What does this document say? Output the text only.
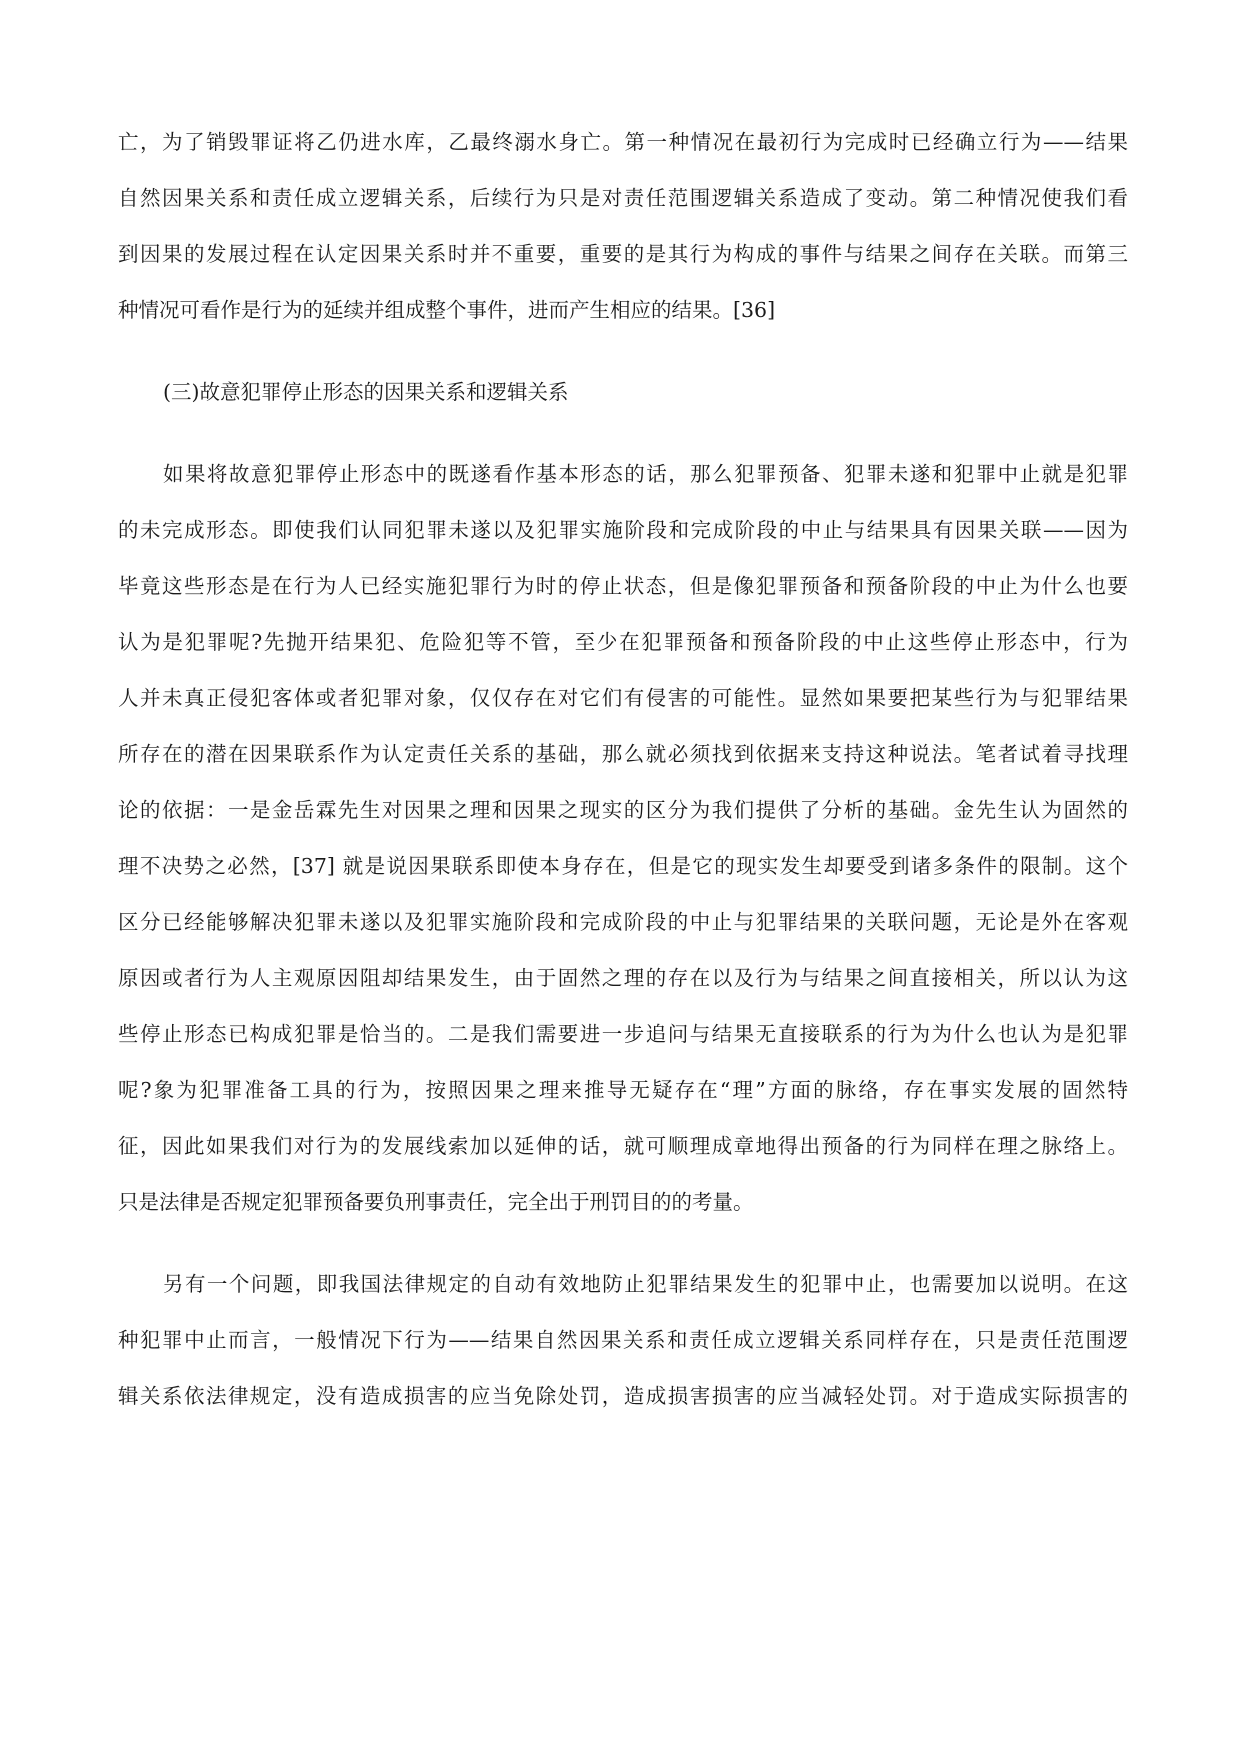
亡，为了销毁罪证将乙仍进水库，乙最终溺水身亡。第一种情况在最初行为完成时已经确立行为——结果
自然因果关系和责任成立逻辑关系，后续行为只是对责任范围逻辑关系造成了变动。第二种情况使我们看
到因果的发展过程在认定因果关系时并不重要，重要的是其行为构成的事件与结果之间存在关联。而第三
种情况可看作是行为的延续并组成整个事件，进而产生相应的结果。[36]
(三)故意犯罪停止形态的因果关系和逻辑关系
如果将故意犯罪停止形态中的既遂看作基本形态的话，那么犯罪预备、犯罪未遂和犯罪中止就是犯罪
的未完成形态。即使我们认同犯罪未遂以及犯罪实施阶段和完成阶段的中止与结果具有因果关联——因为
毕竟这些形态是在行为人已经实施犯罪行为时的停止状态，但是像犯罪预备和预备阶段的中止为什么也要
认为是犯罪呢?先抛开结果犯、危险犯等不管，至少在犯罪预备和预备阶段的中止这些停止形态中，行为
人并未真正侵犯客体或者犯罪对象，仅仅存在对它们有侵害的可能性。显然如果要把某些行为与犯罪结果
所存在的潜在因果联系作为认定责任关系的基础，那么就必须找到依据来支持这种说法。笔者试着寻找理
论的依据：一是金岳霖先生对因果之理和因果之现实的区分为我们提供了分析的基础。金先生认为固然的
理不决势之必然，[37] 就是说因果联系即使本身存在，但是它的现实发生却要受到诸多条件的限制。这个
区分已经能够解决犯罪未遂以及犯罪实施阶段和完成阶段的中止与犯罪结果的关联问题，无论是外在客观
原因或者行为人主观原因阻却结果发生，由于固然之理的存在以及行为与结果之间直接相关，所以认为这
些停止形态已构成犯罪是恰当的。二是我们需要进一步追问与结果无直接联系的行为为什么也认为是犯罪
呢?象为犯罪准备工具的行为，按照因果之理来推导无疑存在“理”方面的脉络，存在事实发展的固然特
征，因此如果我们对行为的发展线索加以延伸的话，就可顺理成章地得出预备的行为同样在理之脉络上。
只是法律是否规定犯罪预备要负刑事责任，完全出于刑罚目的的考量。
另有一个问题，即我国法律规定的自动有效地防止犯罪结果发生的犯罪中止，也需要加以说明。在这
种犯罪中止而言，一般情况下行为——结果自然因果关系和责任成立逻辑关系同样存在，只是责任范围逻
辑关系依法律规定，没有造成损害的应当免除处罚，造成损害损害的应当减轻处罚。对于造成实际损害的
